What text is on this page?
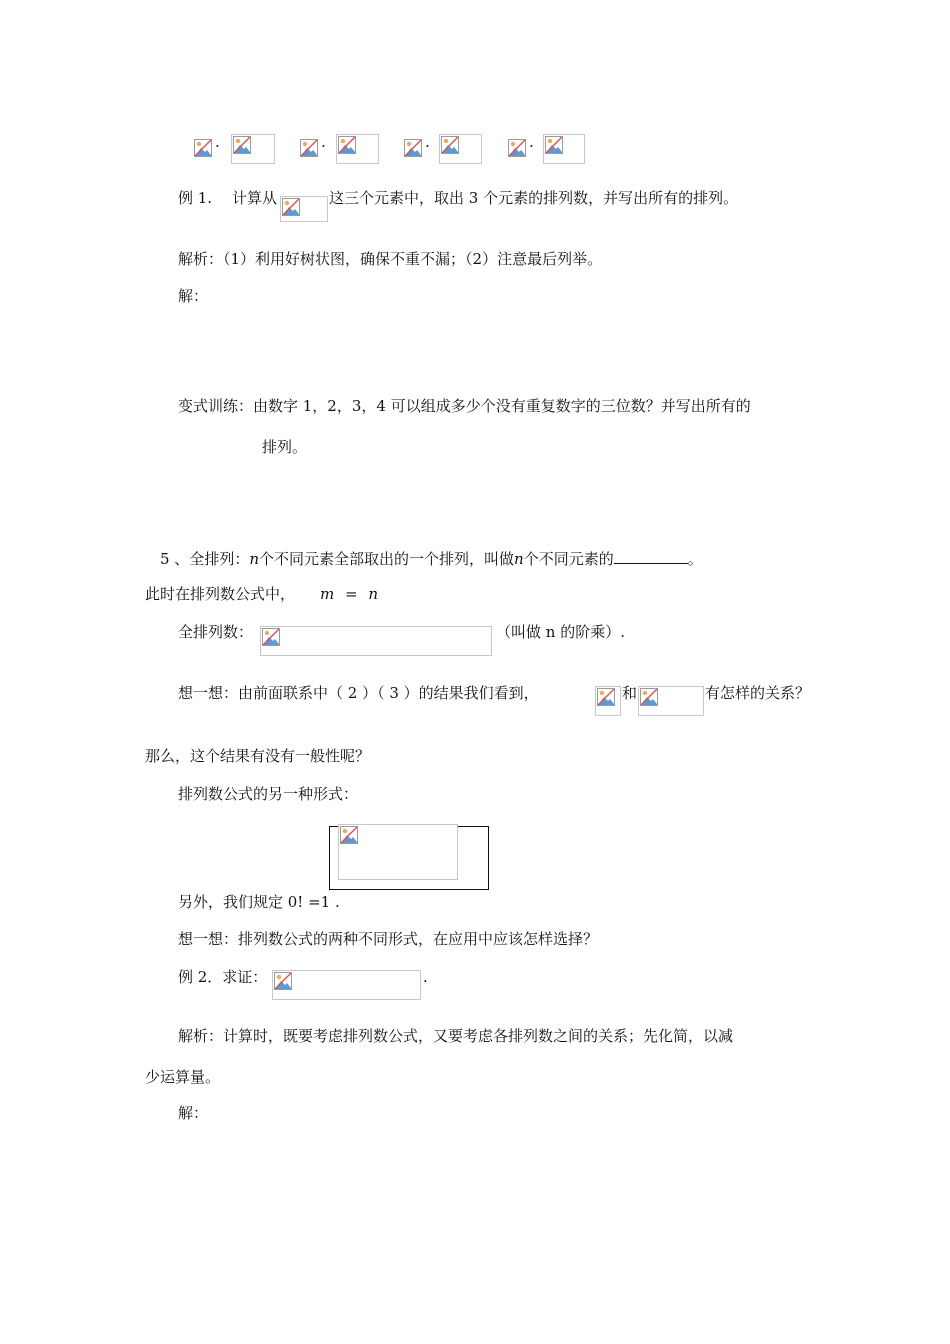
·	·	·	·
例 1. 计算从	这三个元素中，取出 3 个元素的排列数，并写出所有的排列。
解析：（1）利用好树状图，确保不重不漏；（2）注意最后列举。
解：
变式训练：由数字 1，2，3，4 可以组成多少个没有重复数字的三位数？并写出所有的
排列。
5 、全排列：n个不同元素全部取出的一个排列，叫做n个不同元素的	。
此时在排列数公式中， m = n
全排列数：	（叫做 n 的阶乘）.
想一想：由前面联系中（ 2 ）（ 3 ）的结果我们看到，	和	有怎样的关系？
那么，这个结果有没有一般性呢？
排列数公式的另一种形式：
另外，我们规定 0! =1 .
想一想：排列数公式的两种不同形式，在应用中应该怎样选择？
例 2．求证：	.
解析：计算时，既要考虑排列数公式，又要考虑各排列数之间的关系；先化简，以减
少运算量。
解：
